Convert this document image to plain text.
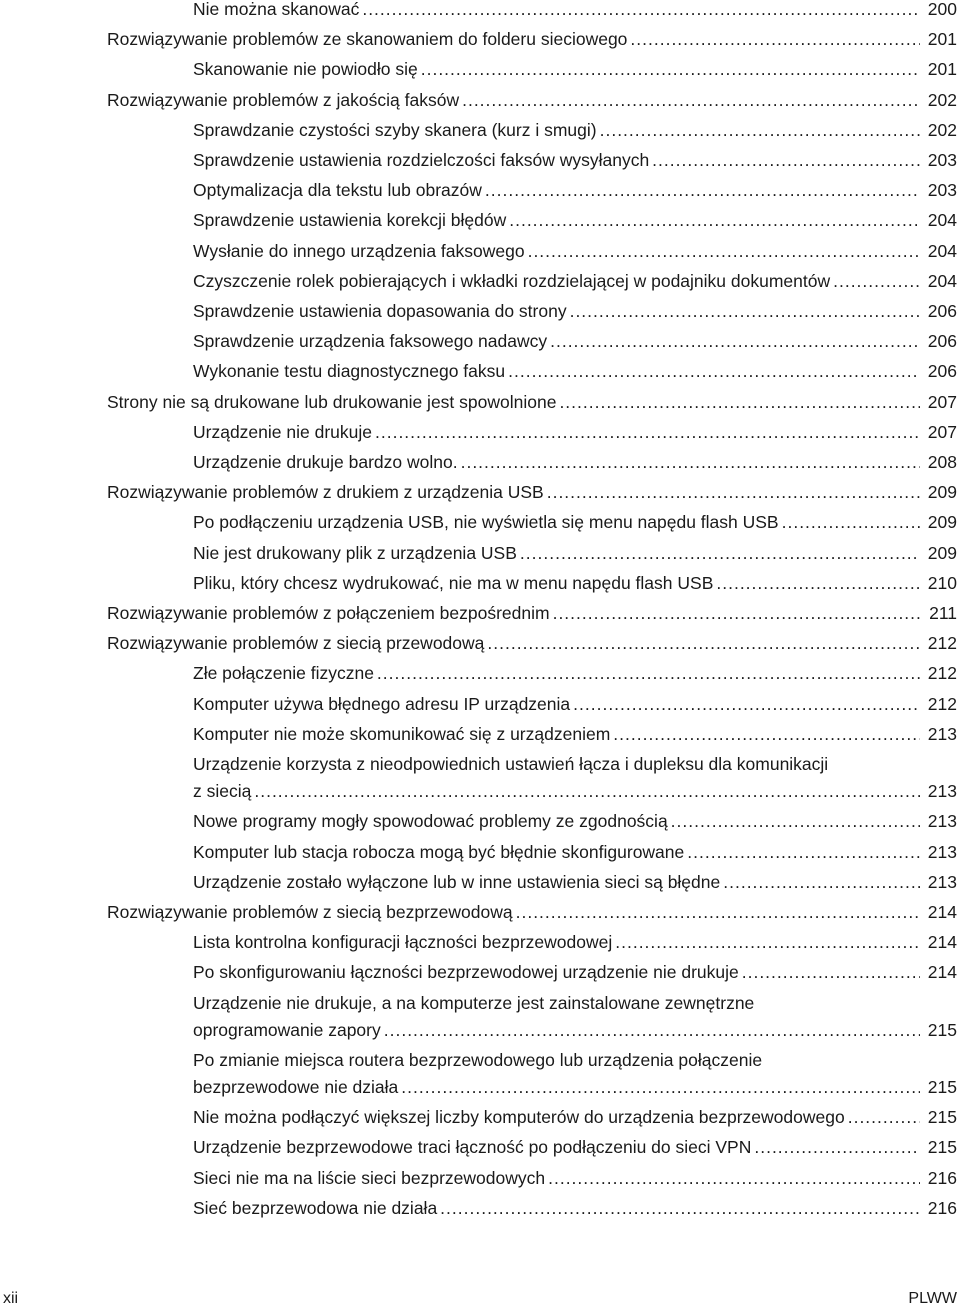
Nie można skanować .....	200
Rozwiązywanie problemów ze skanowaniem do folderu sieciowego .....	201
Skanowanie nie powiodło się .....	201
Rozwiązywanie problemów z jakością faksów .....	202
Sprawdzanie czystości szyby skanera (kurz i smugi) .....	202
Sprawdzenie ustawienia rozdzielczości faksów wysyłanych .....	203
Optymalizacja dla tekstu lub obrazów .....	203
Sprawdzenie ustawienia korekcji błędów .....	204
Wysłanie do innego urządzenia faksowego .....	204
Czyszczenie rolek pobierających i wkładki rozdzielającej w podajniku dokumentów .....	204
Sprawdzenie ustawienia dopasowania do strony .....	206
Sprawdzenie urządzenia faksowego nadawcy .....	206
Wykonanie testu diagnostycznego faksu .....	206
Strony nie są drukowane lub drukowanie jest spowolnione .....	207
Urządzenie nie drukuje .....	207
Urządzenie drukuje bardzo wolno. .....	208
Rozwiązywanie problemów z drukiem z urządzenia USB .....	209
Po podłączeniu urządzenia USB, nie wyświetla się menu napędu flash USB .....	209
Nie jest drukowany plik z urządzenia USB .....	209
Pliku, który chcesz wydrukować, nie ma w menu napędu flash USB .....	210
Rozwiązywanie problemów z połączeniem bezpośrednim .....	211
Rozwiązywanie problemów z siecią przewodową .....	212
Złe połączenie fizyczne .....	212
Komputer używa błędnego adresu IP urządzenia .....	212
Komputer nie może skomunikować się z urządzeniem .....	213
Urządzenie korzysta z nieodpowiednich ustawień łącza i dupleksu dla komunikacji
z siecią .....	213
Nowe programy mogły spowodować problemy ze zgodnością .....	213
Komputer lub stacja robocza mogą być błędnie skonfigurowane .....	213
Urządzenie zostało wyłączone lub w inne ustawienia sieci są błędne .....	213
Rozwiązywanie problemów z siecią bezprzewodową .....	214
Lista kontrolna konfiguracji łączności bezprzewodowej .....	214
Po skonfigurowaniu łączności bezprzewodowej urządzenie nie drukuje .....	214
Urządzenie nie drukuje, a na komputerze jest zainstalowane zewnętrzne
oprogramowanie zapory .....	215
Po zmianie miejsca routera bezprzewodowego lub urządzenia połączenie
bezprzewodowe nie działa .....	215
Nie można podłączyć większej liczby komputerów do urządzenia bezprzewodowego .....	215
Urządzenie bezprzewodowe traci łączność po podłączeniu do sieci VPN .....	215
Sieci nie ma na liście sieci bezprzewodowych .....	216
Sieć bezprzewodowa nie działa .....	216
xii	PLWW
